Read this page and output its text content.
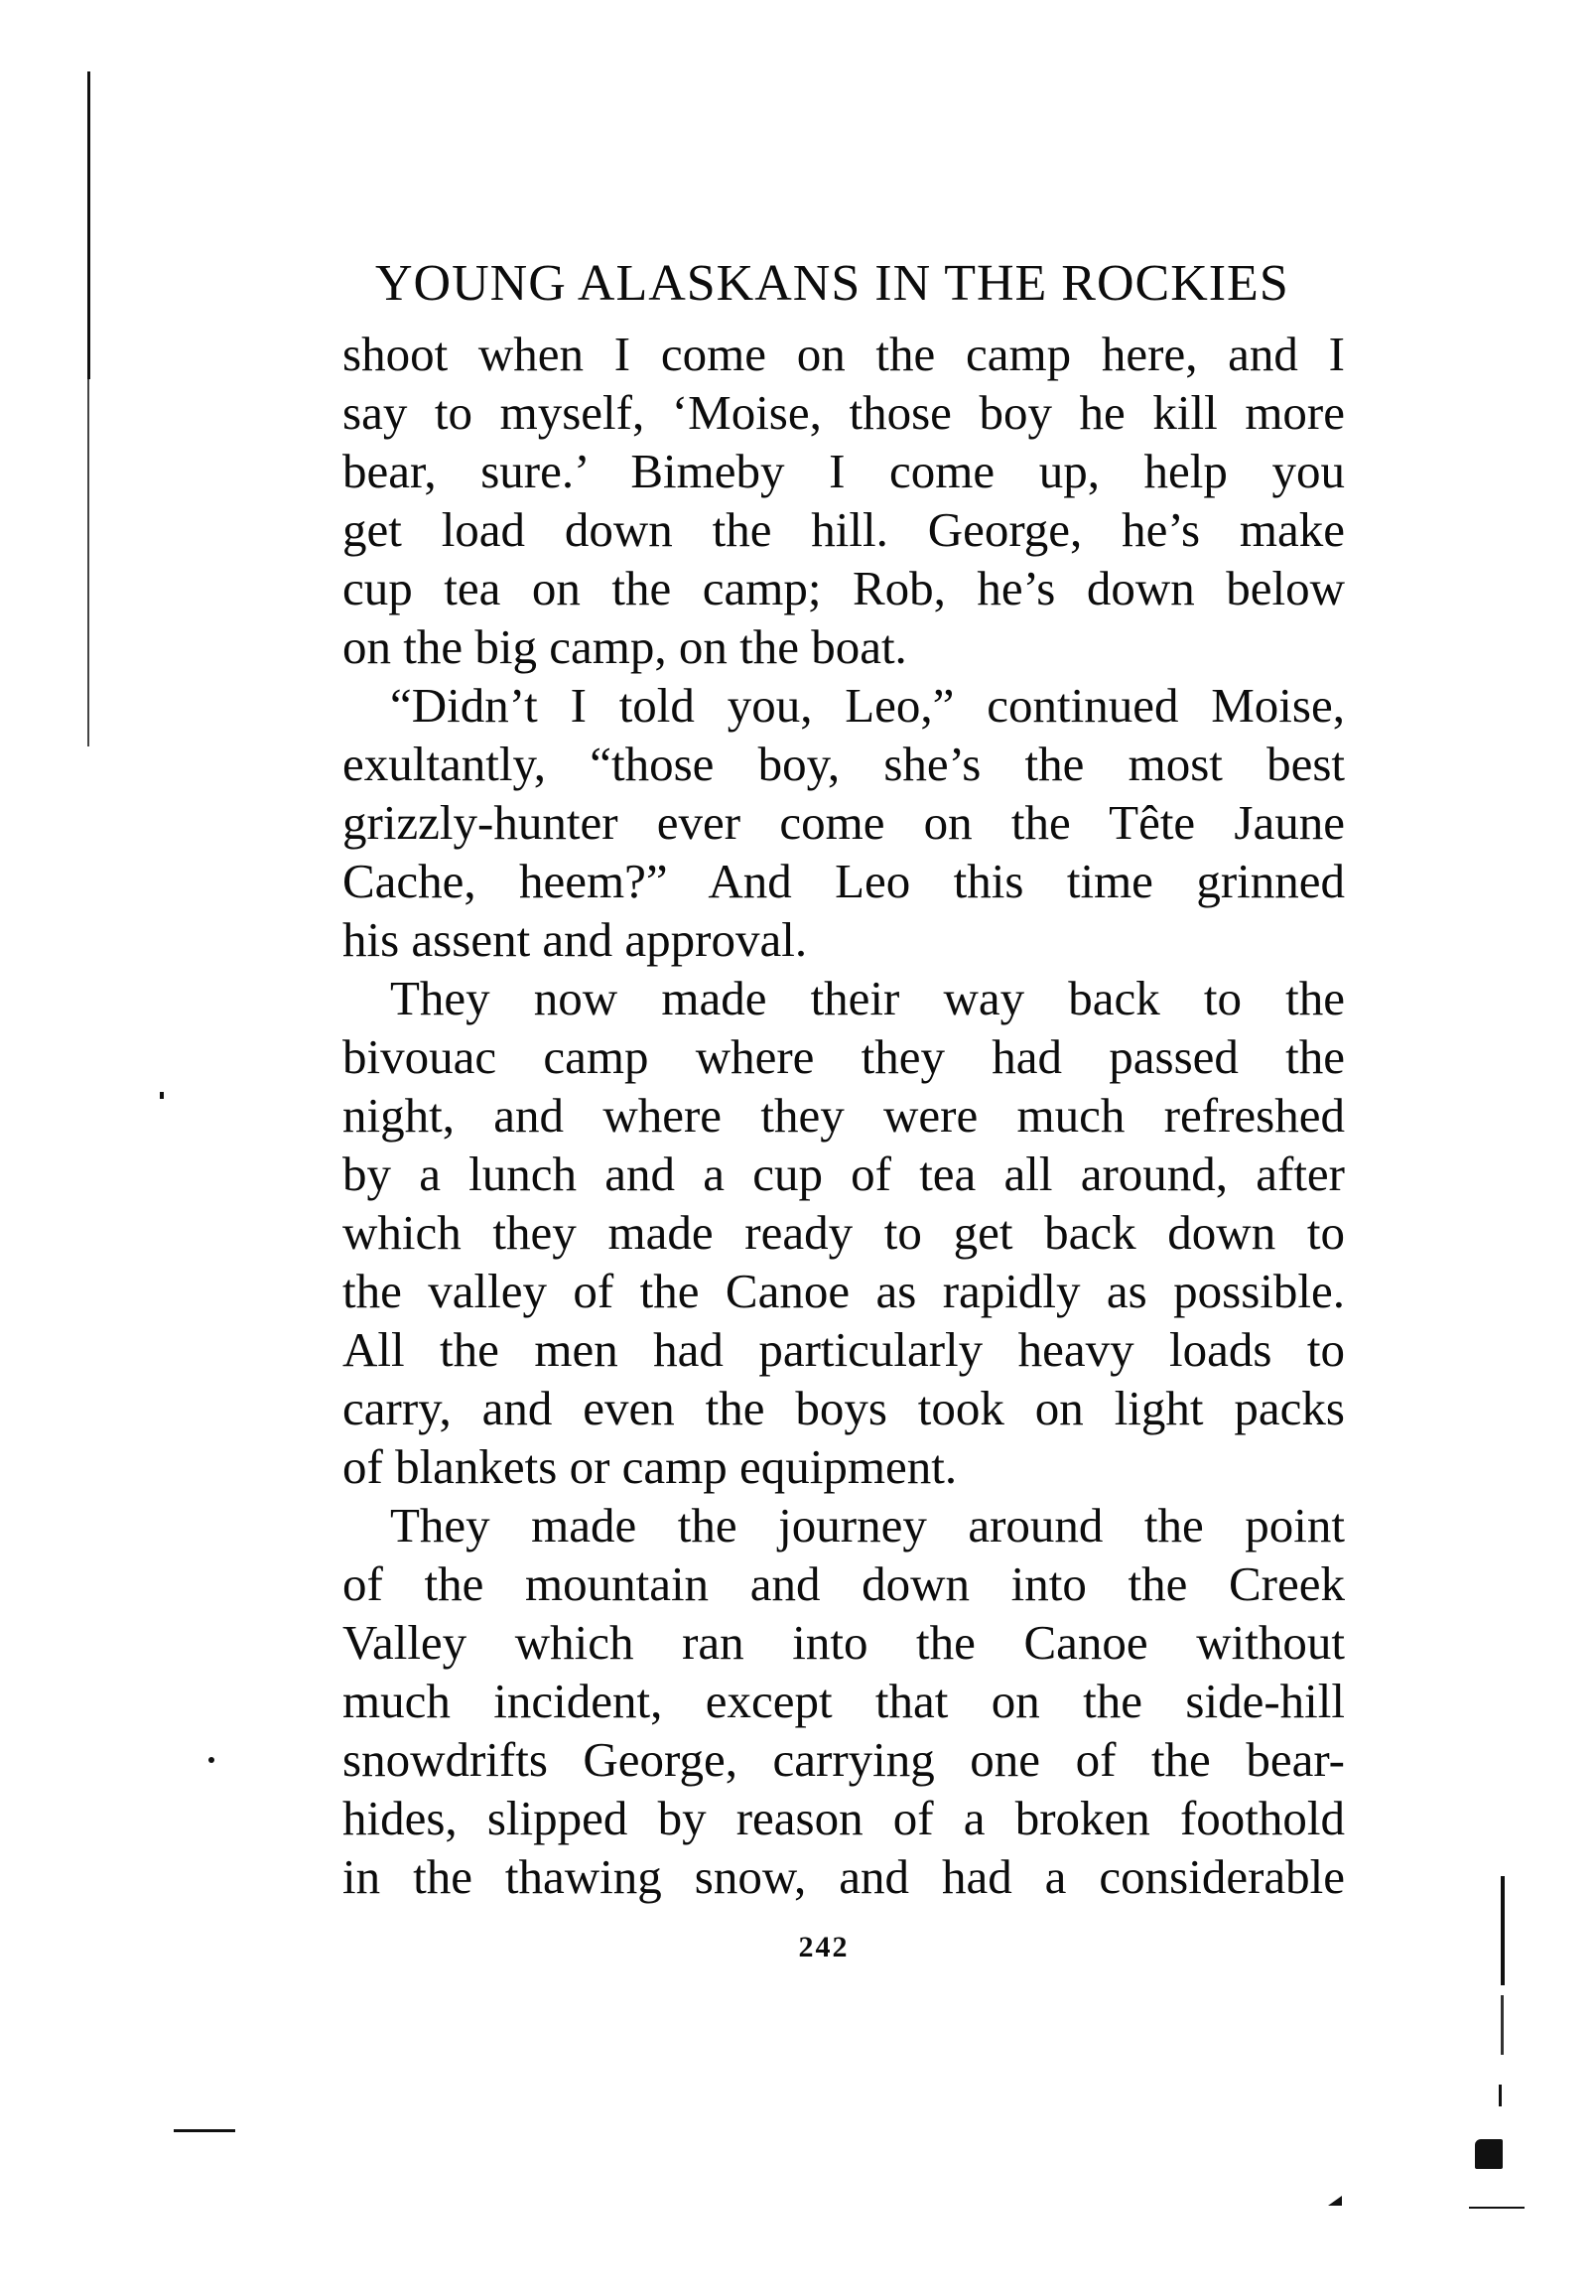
YOUNG ALASKANS IN THE ROCKIES
shoot when I come on the camp here, and I
say to myself, ‘Moise, those boy he kill more
bear, sure.’ Bimeby I come up, help you
get load down the hill. George, he’s make
cup tea on the camp; Rob, he’s down below
on the big camp, on the boat.
“Didn’t I told you, Leo,” continued Moise,
exultantly, “those boy, she’s the most best
grizzly-hunter ever come on the Tête Jaune
Cache, heem?” And Leo this time grinned
his assent and approval.
They now made their way back to the
bivouac camp where they had passed the
night, and where they were much refreshed
by a lunch and a cup of tea all around, after
which they made ready to get back down to
the valley of the Canoe as rapidly as possible.
All the men had particularly heavy loads to
carry, and even the boys took on light packs
of blankets or camp equipment.
They made the journey around the point
of the mountain and down into the Creek
Valley which ran into the Canoe without
much incident, except that on the side-hill
snowdrifts George, carrying one of the bear-
hides, slipped by reason of a broken foothold
in the thawing snow, and had a considerable
242
